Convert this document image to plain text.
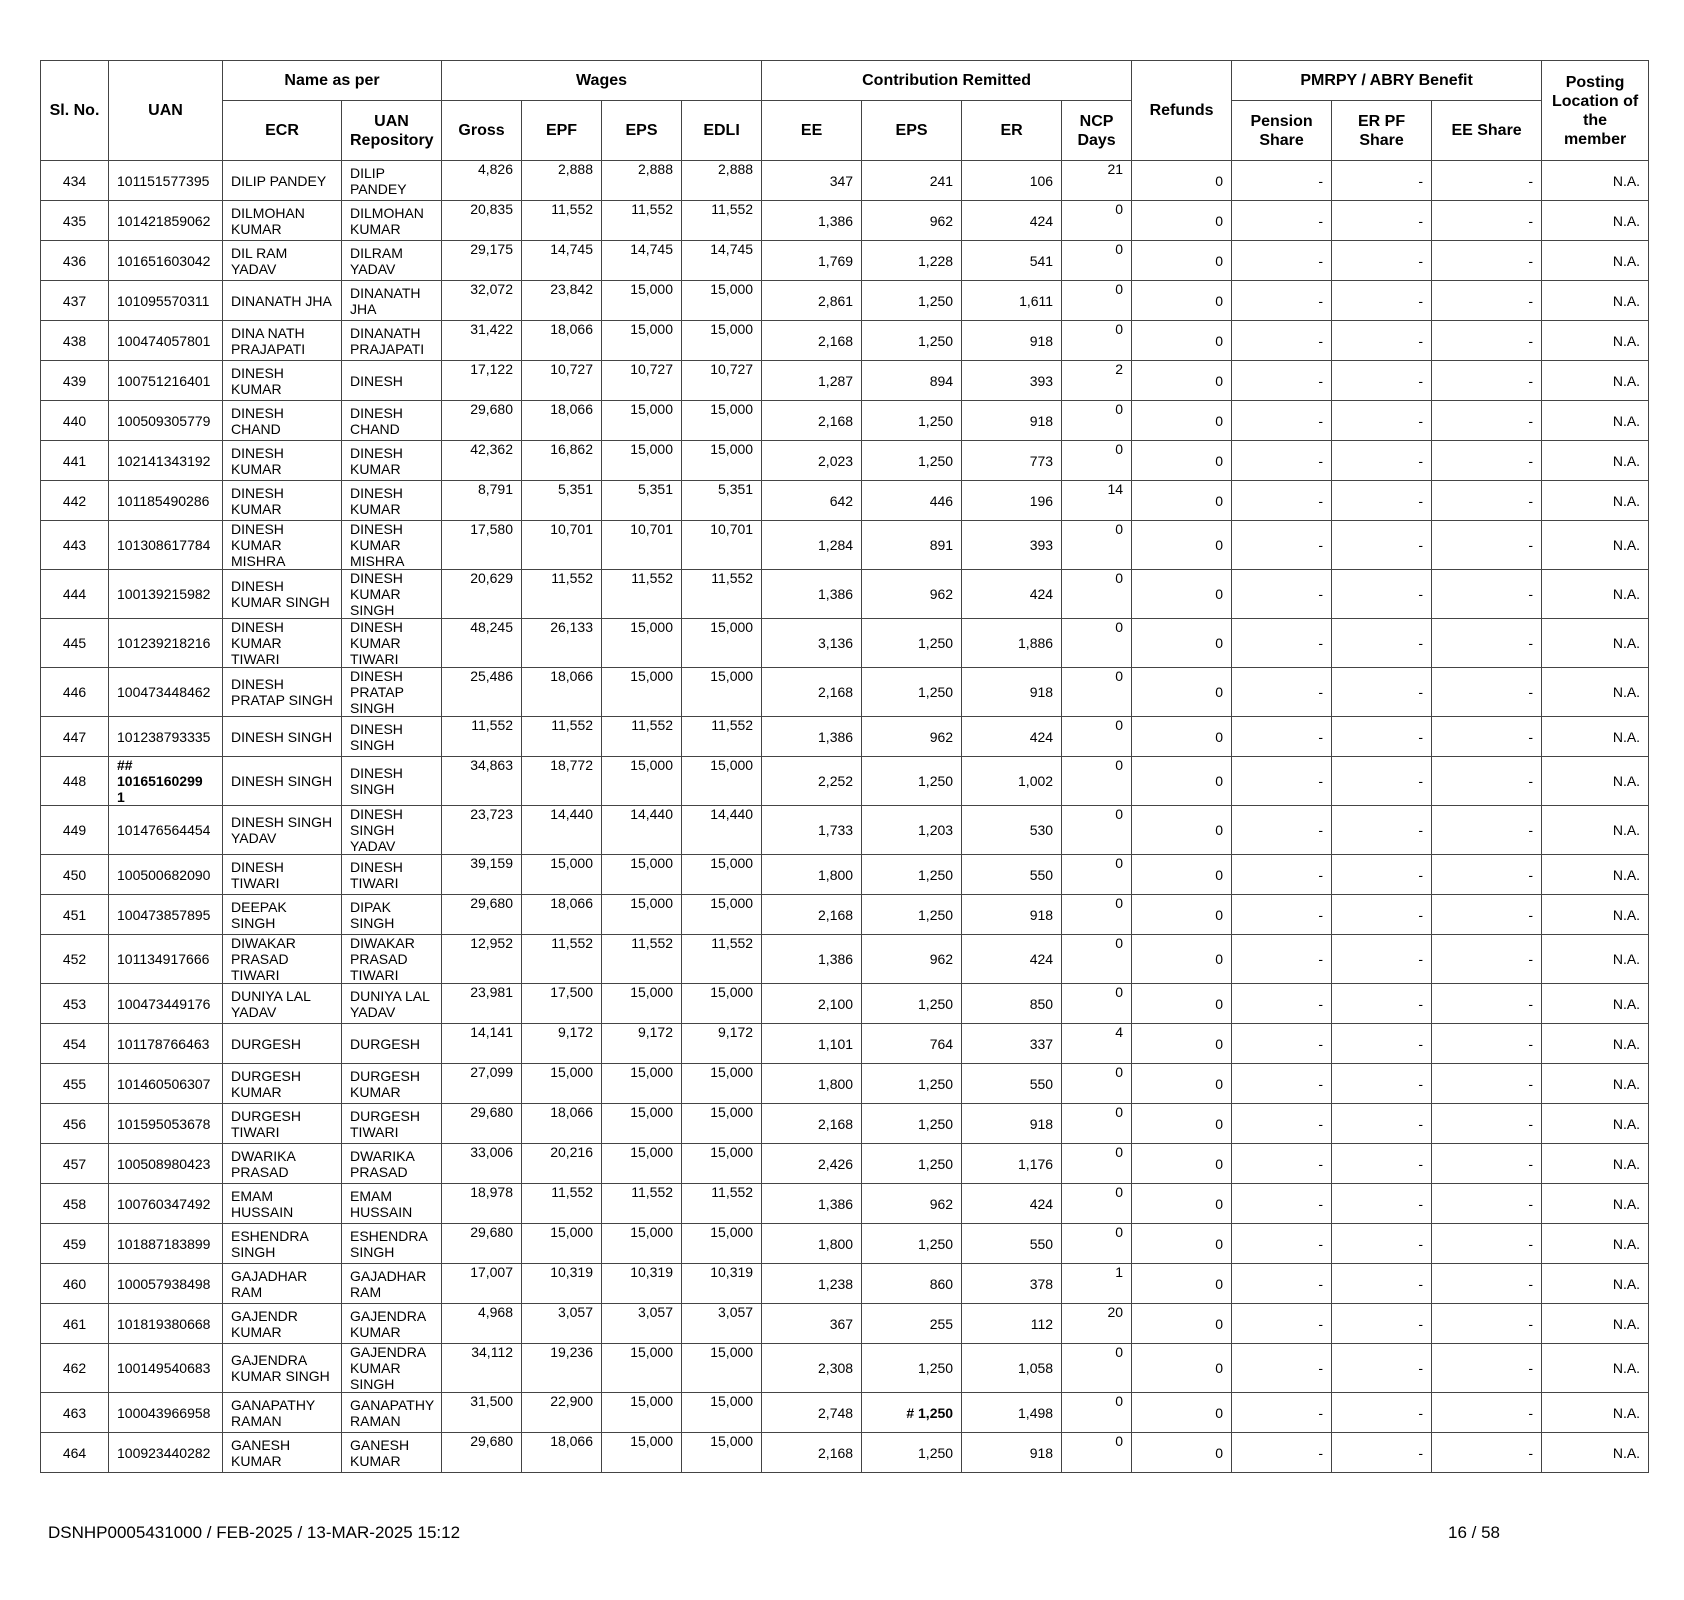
Sl. No.	UAN	Name as per		Wages				Contribution Remitted				Refunds	PMRPY / ABRY Benefit			Posting Location of the member
		ECR	UAN Repository	Gross	EPF	EPS	EDLI	EE	EPS	ER	NCP Days		Pension Share	ER PF Share	EE Share	
434	101151577395	DILIP PANDEY	DILIP PANDEY	4,826	2,888	2,888	2,888	347	241	106	21	0	-	-	-	N.A.
435	101421859062	DILMOHAN KUMAR	DILMOHAN KUMAR	20,835	11,552	11,552	11,552	1,386	962	424	0	0	-	-	-	N.A.
436	101651603042	DIL RAM YADAV	DILRAM YADAV	29,175	14,745	14,745	14,745	1,769	1,228	541	0	0	-	-	-	N.A.
437	101095570311	DINANATH JHA	DINANATH JHA	32,072	23,842	15,000	15,000	2,861	1,250	1,611	0	0	-	-	-	N.A.
438	100474057801	DINA NATH PRAJAPATI	DINANATH PRAJAPATI	31,422	18,066	15,000	15,000	2,168	1,250	918	0	0	-	-	-	N.A.
439	100751216401	DINESH KUMAR	DINESH	17,122	10,727	10,727	10,727	1,287	894	393	2	0	-	-	-	N.A.
440	100509305779	DINESH CHAND	DINESH CHAND	29,680	18,066	15,000	15,000	2,168	1,250	918	0	0	-	-	-	N.A.
441	102141343192	DINESH KUMAR	DINESH KUMAR	42,362	16,862	15,000	15,000	2,023	1,250	773	0	0	-	-	-	N.A.
442	101185490286	DINESH KUMAR	DINESH KUMAR	8,791	5,351	5,351	5,351	642	446	196	14	0	-	-	-	N.A.
443	101308617784	DINESH KUMAR MISHRA	DINESH KUMAR MISHRA	17,580	10,701	10,701	10,701	1,284	891	393	0	0	-	-	-	N.A.
444	100139215982	DINESH KUMAR SINGH	DINESH KUMAR SINGH	20,629	11,552	11,552	11,552	1,386	962	424	0	0	-	-	-	N.A.
445	101239218216	DINESH KUMAR TIWARI	DINESH KUMAR TIWARI	48,245	26,133	15,000	15,000	3,136	1,250	1,886	0	0	-	-	-	N.A.
446	100473448462	DINESH PRATAP SINGH	DINESH PRATAP SINGH	25,486	18,066	15,000	15,000	2,168	1,250	918	0	0	-	-	-	N.A.
447	101238793335	DINESH SINGH	DINESH SINGH	11,552	11,552	11,552	11,552	1,386	962	424	0	0	-	-	-	N.A.
448	## 10165160299 1	DINESH SINGH	DINESH SINGH	34,863	18,772	15,000	15,000	2,252	1,250	1,002	0	0	-	-	-	N.A.
449	101476564454	DINESH SINGH YADAV	DINESH SINGH YADAV	23,723	14,440	14,440	14,440	1,733	1,203	530	0	0	-	-	-	N.A.
450	100500682090	DINESH TIWARI	DINESH TIWARI	39,159	15,000	15,000	15,000	1,800	1,250	550	0	0	-	-	-	N.A.
451	100473857895	DEEPAK SINGH	DIPAK SINGH	29,680	18,066	15,000	15,000	2,168	1,250	918	0	0	-	-	-	N.A.
452	101134917666	DIWAKAR PRASAD TIWARI	DIWAKAR PRASAD TIWARI	12,952	11,552	11,552	11,552	1,386	962	424	0	0	-	-	-	N.A.
453	100473449176	DUNIYA LAL YADAV	DUNIYA LAL YADAV	23,981	17,500	15,000	15,000	2,100	1,250	850	0	0	-	-	-	N.A.
454	101178766463	DURGESH	DURGESH	14,141	9,172	9,172	9,172	1,101	764	337	4	0	-	-	-	N.A.
455	101460506307	DURGESH KUMAR	DURGESH KUMAR	27,099	15,000	15,000	15,000	1,800	1,250	550	0	0	-	-	-	N.A.
456	101595053678	DURGESH TIWARI	DURGESH TIWARI	29,680	18,066	15,000	15,000	2,168	1,250	918	0	0	-	-	-	N.A.
457	100508980423	DWARIKA PRASAD	DWARIKA PRASAD	33,006	20,216	15,000	15,000	2,426	1,250	1,176	0	0	-	-	-	N.A.
458	100760347492	EMAM HUSSAIN	EMAM HUSSAIN	18,978	11,552	11,552	11,552	1,386	962	424	0	0	-	-	-	N.A.
459	101887183899	ESHENDRA SINGH	ESHENDRA SINGH	29,680	15,000	15,000	15,000	1,800	1,250	550	0	0	-	-	-	N.A.
460	100057938498	GAJADHAR RAM	GAJADHAR RAM	17,007	10,319	10,319	10,319	1,238	860	378	1	0	-	-	-	N.A.
461	101819380668	GAJENDR KUMAR	GAJENDRA KUMAR	4,968	3,057	3,057	3,057	367	255	112	20	0	-	-	-	N.A.
462	100149540683	GAJENDRA KUMAR SINGH	GAJENDRA KUMAR SINGH	34,112	19,236	15,000	15,000	2,308	1,250	1,058	0	0	-	-	-	N.A.
463	100043966958	GANAPATHY RAMAN	GANAPATHY RAMAN	31,500	22,900	15,000	15,000	2,748	# 1,250	1,498	0	0	-	-	-	N.A.
464	100923440282	GANESH KUMAR	GANESH KUMAR	29,680	18,066	15,000	15,000	2,168	1,250	918	0	0	-	-	-	N.A.
DSNHP0005431000 / FEB-2025 / 13-MAR-2025 15:12	16 / 58
